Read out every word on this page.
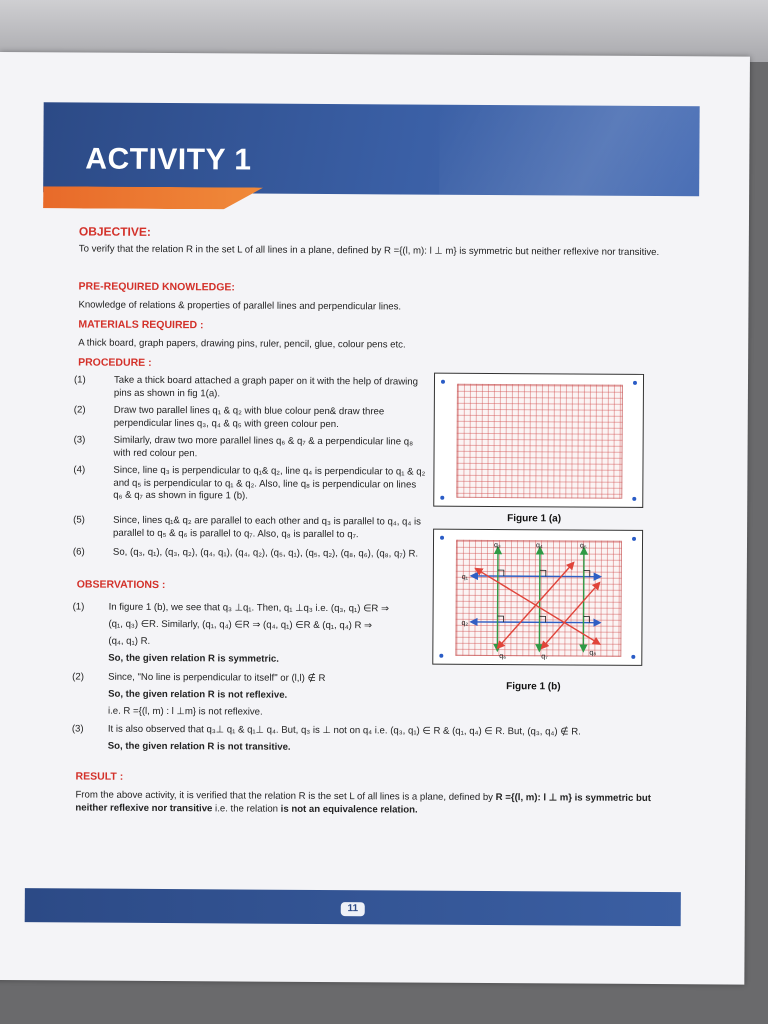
ACTIVITY 1
OBJECTIVE:
To verify that the relation R in the set L of all lines in a plane, defined by R ={(l, m): l ⊥ m} is symmetric but neither reflexive nor transitive.
PRE-REQUIRED KNOWLEDGE:
Knowledge of relations & properties of parallel lines and perpendicular lines.
MATERIALS REQUIRED :
A thick board, graph papers, drawing pins, ruler, pencil, glue, colour pens etc.
PROCEDURE :
(1)	Take a thick board attached a graph paper on it with the help of drawing pins as shown in fig 1(a).
(2)	Draw two parallel lines q₁ & q₂ with blue colour pen& draw three perpendicular lines q₃, q₄ & q₅ with green colour pen.
(3)	Similarly, draw two more parallel lines q₆ & q₇ & a perpendicular line q₈ with red colour pen.
(4)	Since, line q₃ is perpendicular to q₁& q₂, line q₄ is perpendicular to q₁ & q₂ and q₅ is perpendicular to q₁ & q₂. Also, line q₈ is perpendicular on lines q₆ & q₇ as shown in figure 1 (b).
(5)	Since, lines q₁& q₂ are parallel to each other and q₃ is parallel to q₄, q₄ is parallel to q₅ & q₆ is parallel to q₇. Also, q₈ is parallel to q₇.
(6)	So, (q₃, q₁), (q₃, q₂), (q₄, q₁), (q₄, q₂), (q₅, q₁), (q₅, q₂), (q₈, q₆), (q₈, q₇) R.
OBSERVATIONS :
(1)	In figure 1 (b), we see that q₃ ⊥q₁. Then, q₁ ⊥q₃ i.e. (q₃, q₁) ∈R ⇒
(q₁, q₃) ∈R. Similarly, (q₁, q₄) ∈R ⇒ (q₄, q₁) ∈R & (q₁, q₄) R ⇒
(q₄, q₁) R.
So, the given relation R is symmetric.
(2)	Since, "No line is perpendicular to itself" or (l,l) ∉ R
So, the given relation R is not reflexive.
i.e. R ={(l, m) : l ⊥m} is not reflexive.
(3)	It is also observed that q₃⊥ q₁ & q₁⊥ q₄. But, q₃ is ⊥ not on q₄ i.e. (q₃, q₁) ∈ R & (q₁, q₄) ∈ R. But, (q₃, q₄) ∉ R.
So, the given relation R is not transitive.
RESULT :
From the above activity, it is verified that the relation R is the set L of all lines is a plane, defined by R ={(l, m): l ⊥ m} is symmetric but neither reflexive nor transitive i.e. the relation is not an equivalence relation.
Figure 1 (a)
q₃	q₄	q₅
q₁
q₂
q₆	q₇
q₈
Figure 1 (b)
11
